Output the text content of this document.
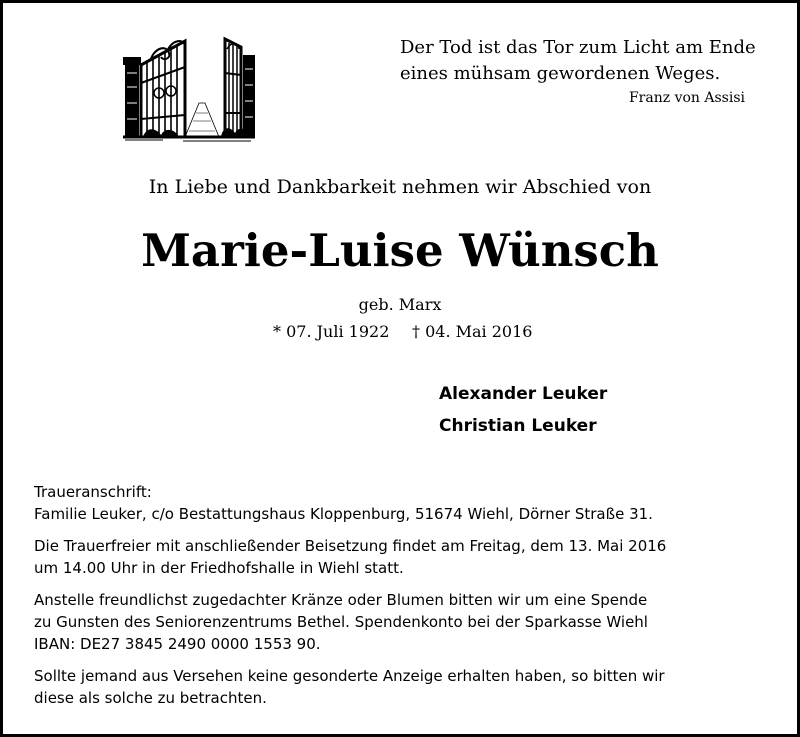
Der Tod ist das Tor zum Licht am Ende
eines mühsam gewordenen Weges.
Franz von Assisi
In Liebe und Dankbarkeit nehmen wir Abschied von
Marie-Luise Wünsch
geb. Marx
* 07. Juli 1922 † 04. Mai 2016
Alexander Leuker
Christian Leuker

Traueranschrift:
Familie Leuker, c/o Bestattungshaus Kloppenburg, 51674 Wiehl, Dörner Straße 31.

Die Trauerfreier mit anschließender Beisetzung findet am Freitag, dem 13. Mai 2016
um 14.00 Uhr in der Friedhofshalle in Wiehl statt.

Anstelle freundlichst zugedachter Kränze oder Blumen bitten wir um eine Spende
zu Gunsten des Seniorenzentrums Bethel. Spendenkonto bei der Sparkasse Wiehl
IBAN: DE27 3845 2490 0000 1553 90.

Sollte jemand aus Versehen keine gesonderte Anzeige erhalten haben, so bitten wir
diese als solche zu betrachten.
